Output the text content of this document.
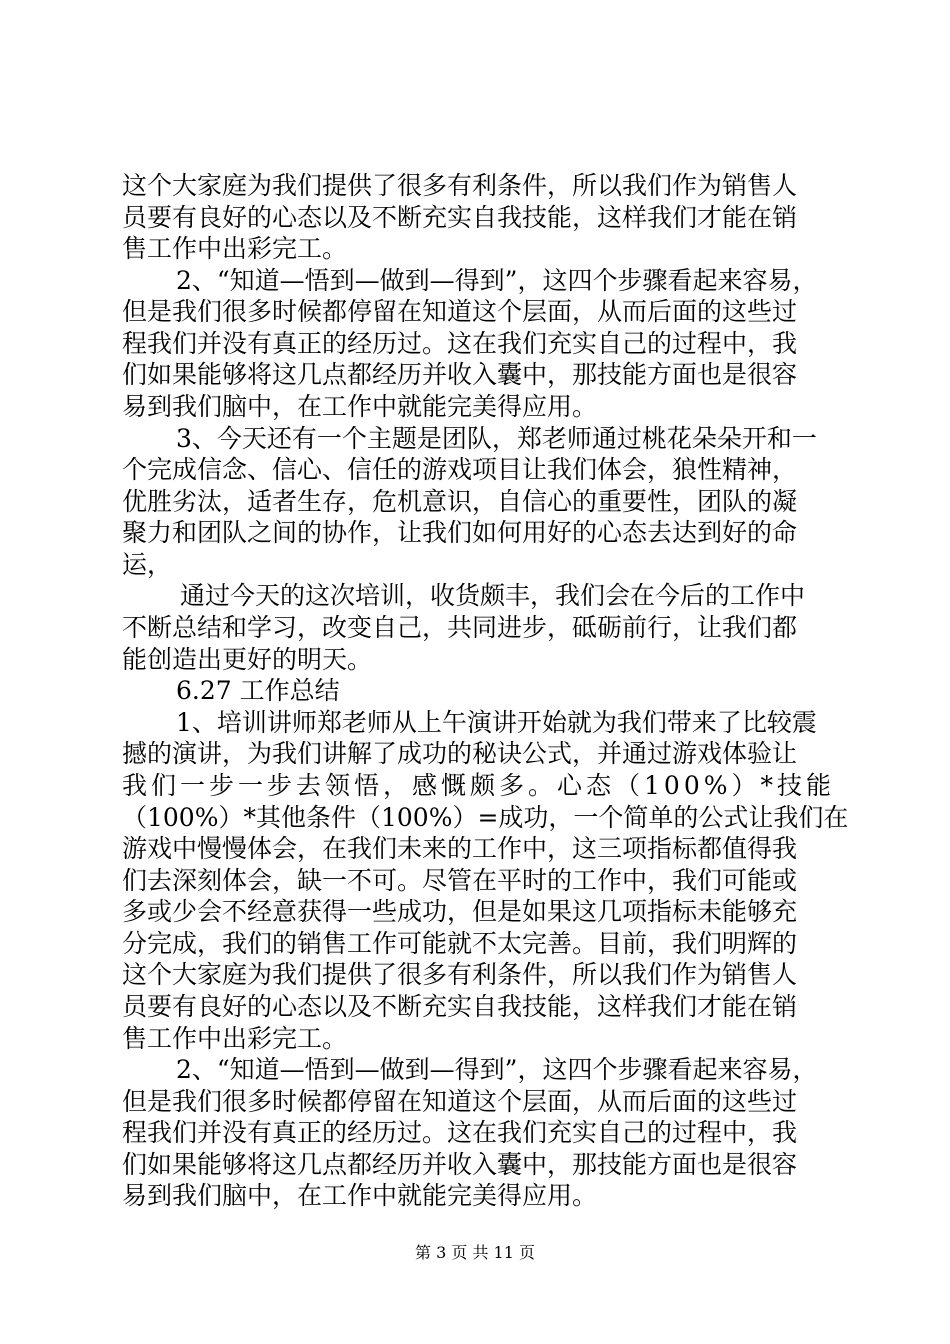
这个大家庭为我们提供了很多有利条件，所以我们作为销售人
员要有良好的心态以及不断充实自我技能，这样我们才能在销
售工作中出彩完工。
2、“知道—悟到—做到—得到”，这四个步骤看起来容易，
但是我们很多时候都停留在知道这个层面，从而后面的这些过
程我们并没有真正的经历过。这在我们充实自己的过程中，我
们如果能够将这几点都经历并收入囊中，那技能方面也是很容
易到我们脑中，在工作中就能完美得应用。
3、今天还有一个主题是团队，郑老师通过桃花朵朵开和一
个完成信念、信心、信任的游戏项目让我们体会，狼性精神，
优胜劣汰，适者生存，危机意识，自信心的重要性，团队的凝
聚力和团队之间的协作，让我们如何用好的心态去达到好的命
运，
通过今天的这次培训，收货颇丰，我们会在今后的工作中
不断总结和学习，改变自己，共同进步，砥砺前行，让我们都
能创造出更好的明天。
6.27 工作总结
1、培训讲师郑老师从上午演讲开始就为我们带来了比较震
撼的演讲，为我们讲解了成功的秘诀公式，并通过游戏体验让
我们一步一步去领悟，感慨颇多。心态（100%）*技能
（100%）*其他条件（100%）=成功，一个简单的公式让我们在
游戏中慢慢体会，在我们未来的工作中，这三项指标都值得我
们去深刻体会，缺一不可。尽管在平时的工作中，我们可能或
多或少会不经意获得一些成功，但是如果这几项指标未能够充
分完成，我们的销售工作可能就不太完善。目前，我们明辉的
这个大家庭为我们提供了很多有利条件，所以我们作为销售人
员要有良好的心态以及不断充实自我技能，这样我们才能在销
售工作中出彩完工。
2、“知道—悟到—做到—得到”，这四个步骤看起来容易，
但是我们很多时候都停留在知道这个层面，从而后面的这些过
程我们并没有真正的经历过。这在我们充实自己的过程中，我
们如果能够将这几点都经历并收入囊中，那技能方面也是很容
易到我们脑中，在工作中就能完美得应用。
第 3 页 共 11 页
